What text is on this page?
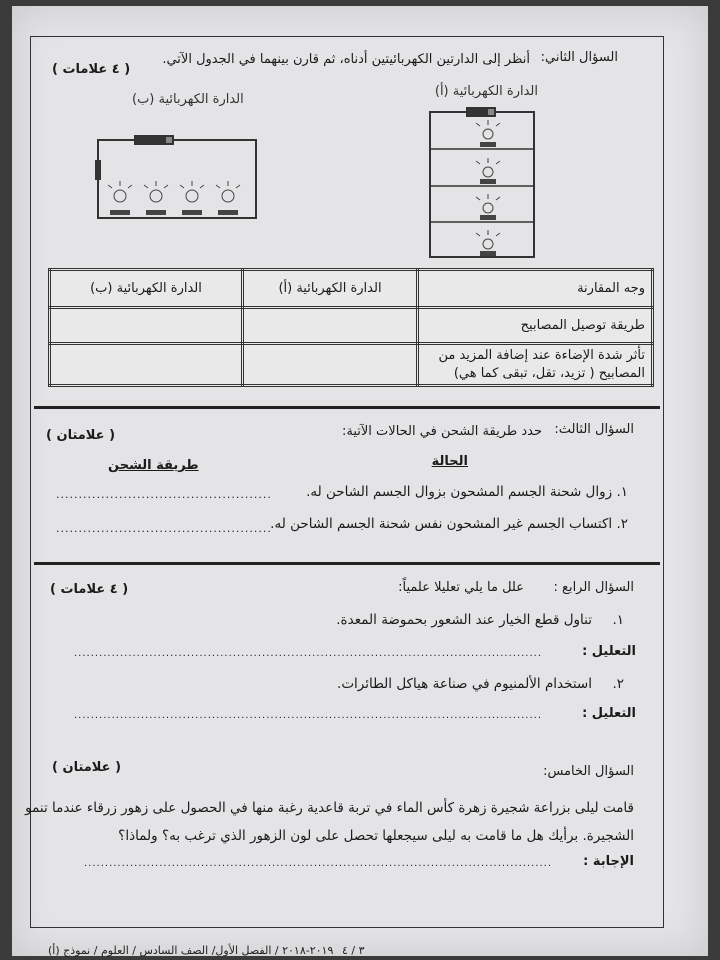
السؤال الثاني:
أنظر إلى الدارتين الكهربائيتين أدناه، ثم قارن بينهما في الجدول الآتي.
( ٤ علامات )
الدارة الكهربائية (أ)
الدارة الكهربائية (ب)
وجه المقارنة	الدارة الكهربائية (أ)	الدارة الكهربائية (ب)
طريقة توصيل المصابيح		
تأثر شدة الإضاءة عند إضافة المزيد من المصابيح ( تزيد، تقل، تبقى كما هي)		
السؤال الثالث:
حدد طريقة الشحن في الحالات الآتية:
( علامتان )
الحالة
طريقة الشحن
١. زوال شحنة الجسم المشحون بزوال الجسم الشاحن له.
................................................
٢. اكتساب الجسم غير المشحون نفس شحنة الجسم الشاحن له.
................................................
السؤال الرابع :
علل ما يلي تعليلا علمياً:
( ٤ علامات )
١.
تناول قطع الخيار عند الشعور بحموضة المعدة.
التعليل :
................................................................................................................
٢.
استخدام الألمنيوم في صناعة هياكل الطائرات.
التعليل :
................................................................................................................
السؤال الخامس:
( علامتان )
قامت ليلى بزراعة شجيرة زهرة كأس الماء في تربة قاعدية رغبة منها في الحصول على زهور زرقاء عندما تنمو
الشجيرة. برأيك هل ما قامت به ليلى سيجعلها تحصل على لون الزهور الذي ترغب به؟ ولماذا؟
الإجابة :
................................................................................................................
٢٠١٩-٢٠١٨ / الفصل الأول/ الصف السادس / العلوم / نموذج (أ) ٣ / ٤
